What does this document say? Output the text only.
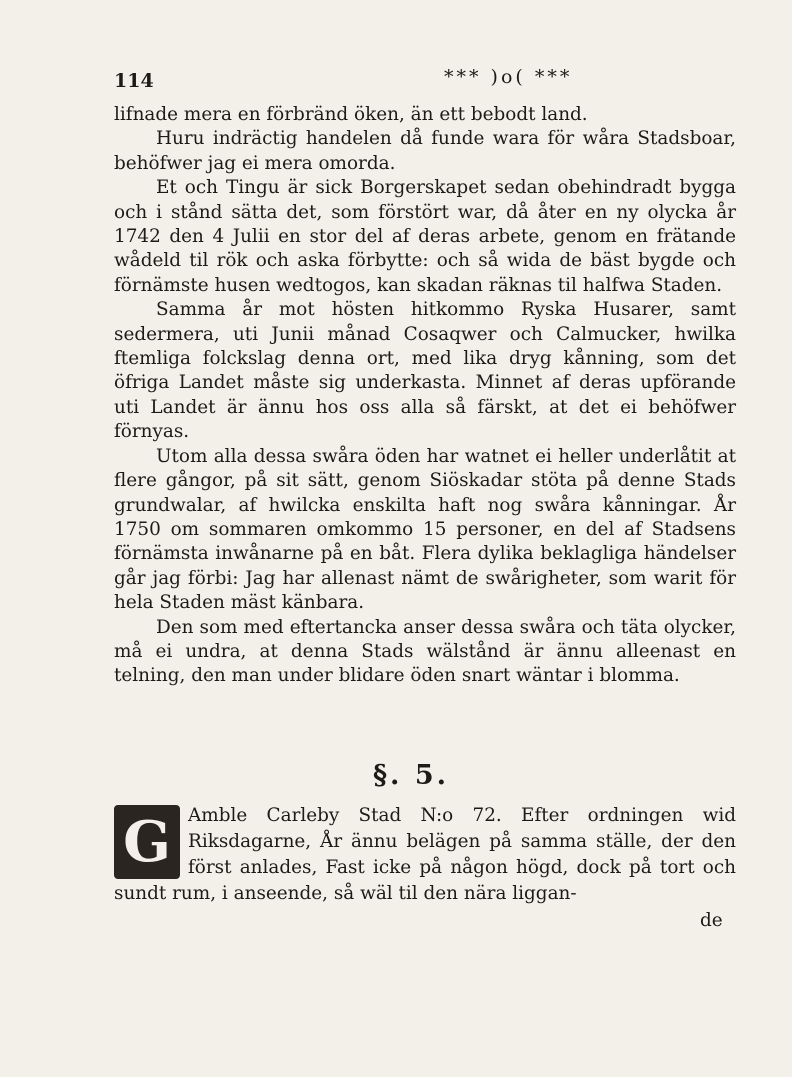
114	*** )o( ***

lifnade mera en förbränd öken, än ett bebodt land.

Huru indräctig handelen då funde wara för wåra Stadsboar, behöfwer jag ei mera omorda.

Et och Tingu är sick Borgerskapet sedan obehindradt bygga och i stånd sätta det, som förstört war, då åter en ny olycka år 1742 den 4 Julii en stor del af deras arbete, genom en frätande wådeld til rök och aska förbytte: och så wida de bäst bygde och förnämste husen wedtogos, kan skadan räknas til halfwa Staden.

Samma år mot hösten hitkommo Ryska Husarer, samt sedermera, uti Junii månad Cosaqwer och Calmucker, hwilka ftemliga folckslag denna ort, med lika dryg kånning, som det öfriga Landet måste sig underkasta. Minnet af deras upförande uti Landet är ännu hos oss alla så färskt, at det ei behöfwer förnyas.

Utom alla dessa swåra öden har watnet ei heller underlåtit at flere gångor, på sit sätt, genom Siöskadar stöta på denne Stads grundwalar, af hwilcka enskilta haft nog swåra kånningar. År 1750 om sommaren omkommo 15 personer, en del af Stadsens förnämsta inwånarne på en båt. Flera dylika beklagliga händelser går jag förbi: Jag har allenast nämt de swårigheter, som warit för hela Staden mäst känbara.

Den som med eftertancka anser dessa swåra och täta olycker, må ei undra, at denna Stads wälstånd är ännu alleenast en telning, den man under blidare öden snart wäntar i blomma.

§. 5.
G Amble Carleby Stad N:o 72. Efter ordningen wid Riksdagarne, År ännu belägen på samma ställe, der den först anlades, Fast icke på någon högd, dock på tort och sundt rum, i anseende, så wäl til den nära liggan-

de
